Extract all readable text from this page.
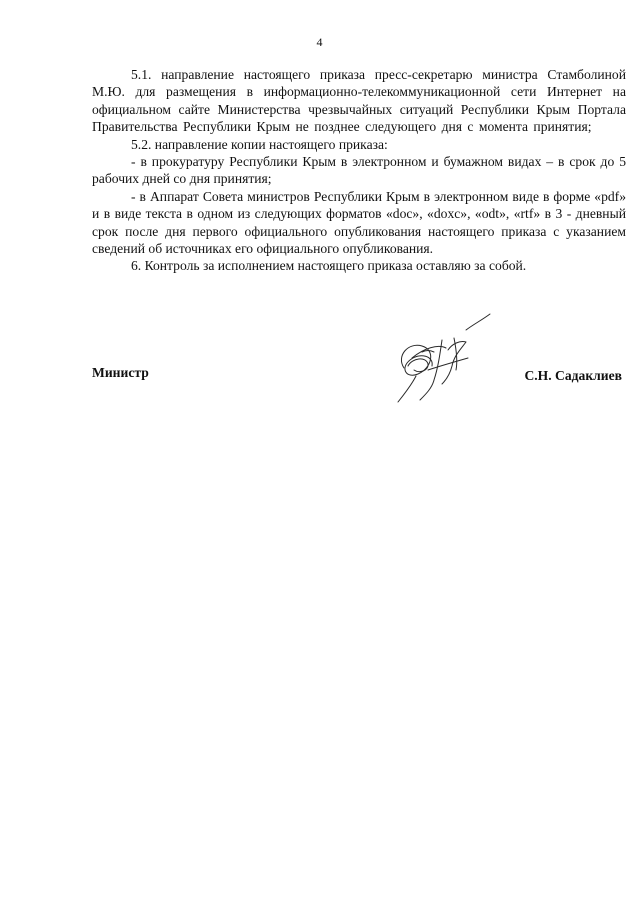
4

5.1. направление настоящего приказа пресс-секретарю министра Стамболиной М.Ю. для размещения в информационно-телекоммуникационной сети Интернет на официальном сайте Министерства чрезвычайных ситуаций Республики Крым Портала Правительства Республики Крым не позднее следующего дня с момента принятия;

5.2. направление копии настоящего приказа:

- в прокуратуру Республики Крым в электронном и бумажном видах – в срок до 5 рабочих дней со дня принятия;

- в Аппарат Совета министров Республики Крым в электронном виде в форме «pdf» и в виде текста в одном из следующих форматов «doc», «doxc», «odt», «rtf» в 3 - дневный срок после дня первого официального опубликования настоящего приказа с указанием сведений об источниках его официального опубликования.

6. Контроль за исполнением настоящего приказа оставляю за собой.

Министр	С.Н. Садаклиев
